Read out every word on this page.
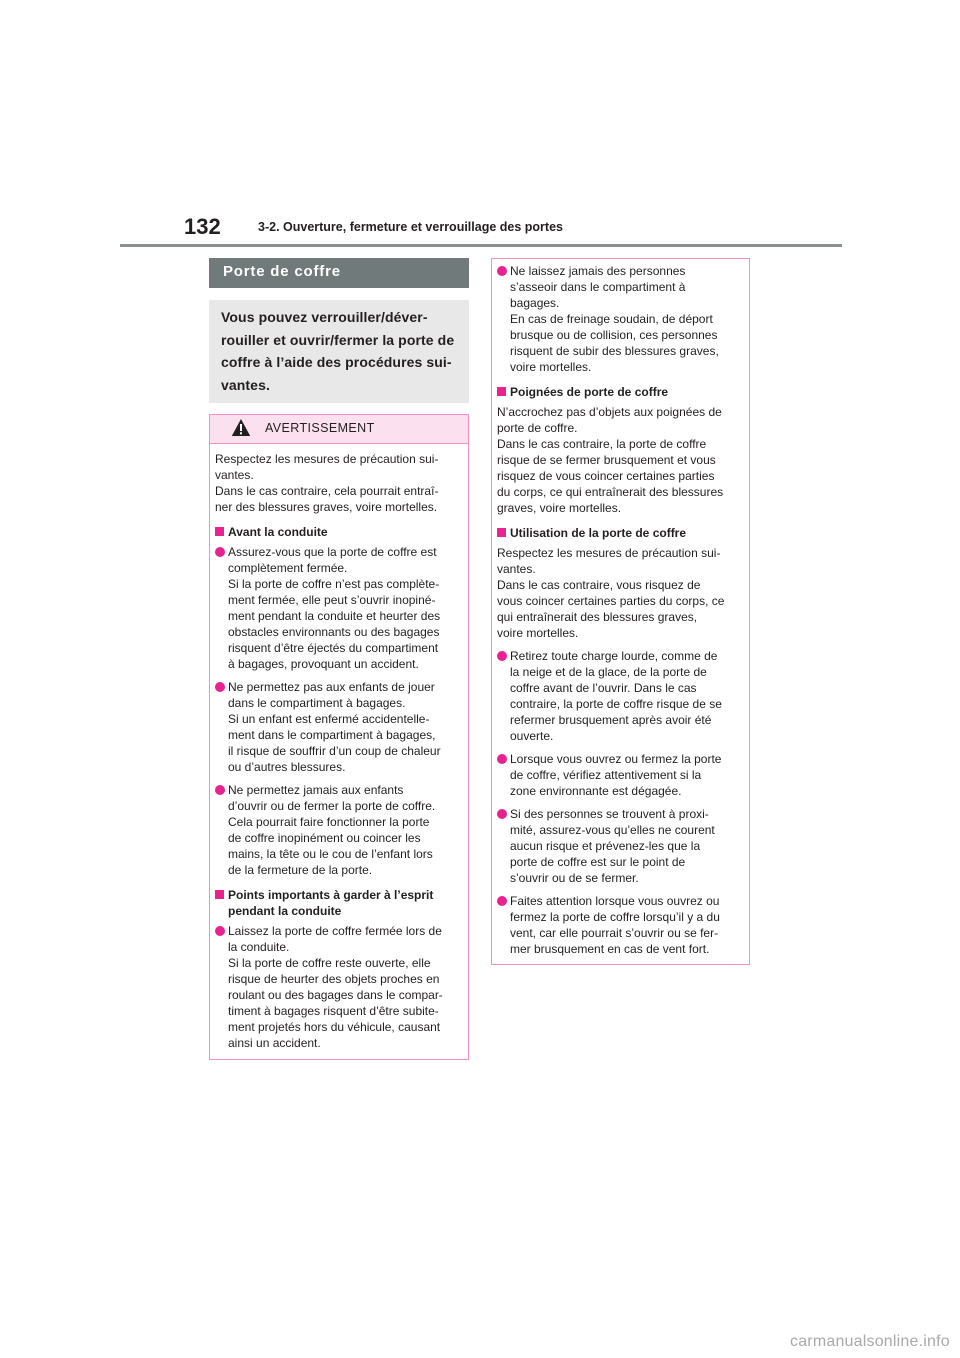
132	3-2. Ouverture, fermeture et verrouillage des portes
Porte de coffre
Vous pouvez verrouiller/déver-
rouiller et ouvrir/fermer la porte de
coffre à l’aide des procédures sui-
vantes.
AVERTISSEMENT
Respectez les mesures de précaution sui-
vantes.
Dans le cas contraire, cela pourrait entraî-
ner des blessures graves, voire mortelles.
Avant la conduite
Assurez-vous que la porte de coffre est
complètement fermée.
Si la porte de coffre n’est pas complète-
ment fermée, elle peut s’ouvrir inopiné-
ment pendant la conduite et heurter des
obstacles environnants ou des bagages
risquent d’être éjectés du compartiment
à bagages, provoquant un accident.
Ne permettez pas aux enfants de jouer
dans le compartiment à bagages.
Si un enfant est enfermé accidentelle-
ment dans le compartiment à bagages,
il risque de souffrir d’un coup de chaleur
ou d’autres blessures.
Ne permettez jamais aux enfants
d’ouvrir ou de fermer la porte de coffre.
Cela pourrait faire fonctionner la porte
de coffre inopinément ou coincer les
mains, la tête ou le cou de l’enfant lors
de la fermeture de la porte.
Points importants à garder à l’esprit
pendant la conduite
Laissez la porte de coffre fermée lors de
la conduite.
Si la porte de coffre reste ouverte, elle
risque de heurter des objets proches en
roulant ou des bagages dans le compar-
timent à bagages risquent d’être subite-
ment projetés hors du véhicule, causant
ainsi un accident.
Ne laissez jamais des personnes
s’asseoir dans le compartiment à
bagages.
En cas de freinage soudain, de déport
brusque ou de collision, ces personnes
risquent de subir des blessures graves,
voire mortelles.
Poignées de porte de coffre
N’accrochez pas d’objets aux poignées de
porte de coffre.
Dans le cas contraire, la porte de coffre
risque de se fermer brusquement et vous
risquez de vous coincer certaines parties
du corps, ce qui entraînerait des blessures
graves, voire mortelles.
Utilisation de la porte de coffre
Respectez les mesures de précaution sui-
vantes.
Dans le cas contraire, vous risquez de
vous coincer certaines parties du corps, ce
qui entraînerait des blessures graves,
voire mortelles.
Retirez toute charge lourde, comme de
la neige et de la glace, de la porte de
coffre avant de l’ouvrir. Dans le cas
contraire, la porte de coffre risque de se
refermer brusquement après avoir été
ouverte.
Lorsque vous ouvrez ou fermez la porte
de coffre, vérifiez attentivement si la
zone environnante est dégagée.
Si des personnes se trouvent à proxi-
mité, assurez-vous qu’elles ne courent
aucun risque et prévenez-les que la
porte de coffre est sur le point de
s’ouvrir ou de se fermer.
Faites attention lorsque vous ouvrez ou
fermez la porte de coffre lorsqu’il y a du
vent, car elle pourrait s’ouvrir ou se fer-
mer brusquement en cas de vent fort.
carmanualsonline.info
